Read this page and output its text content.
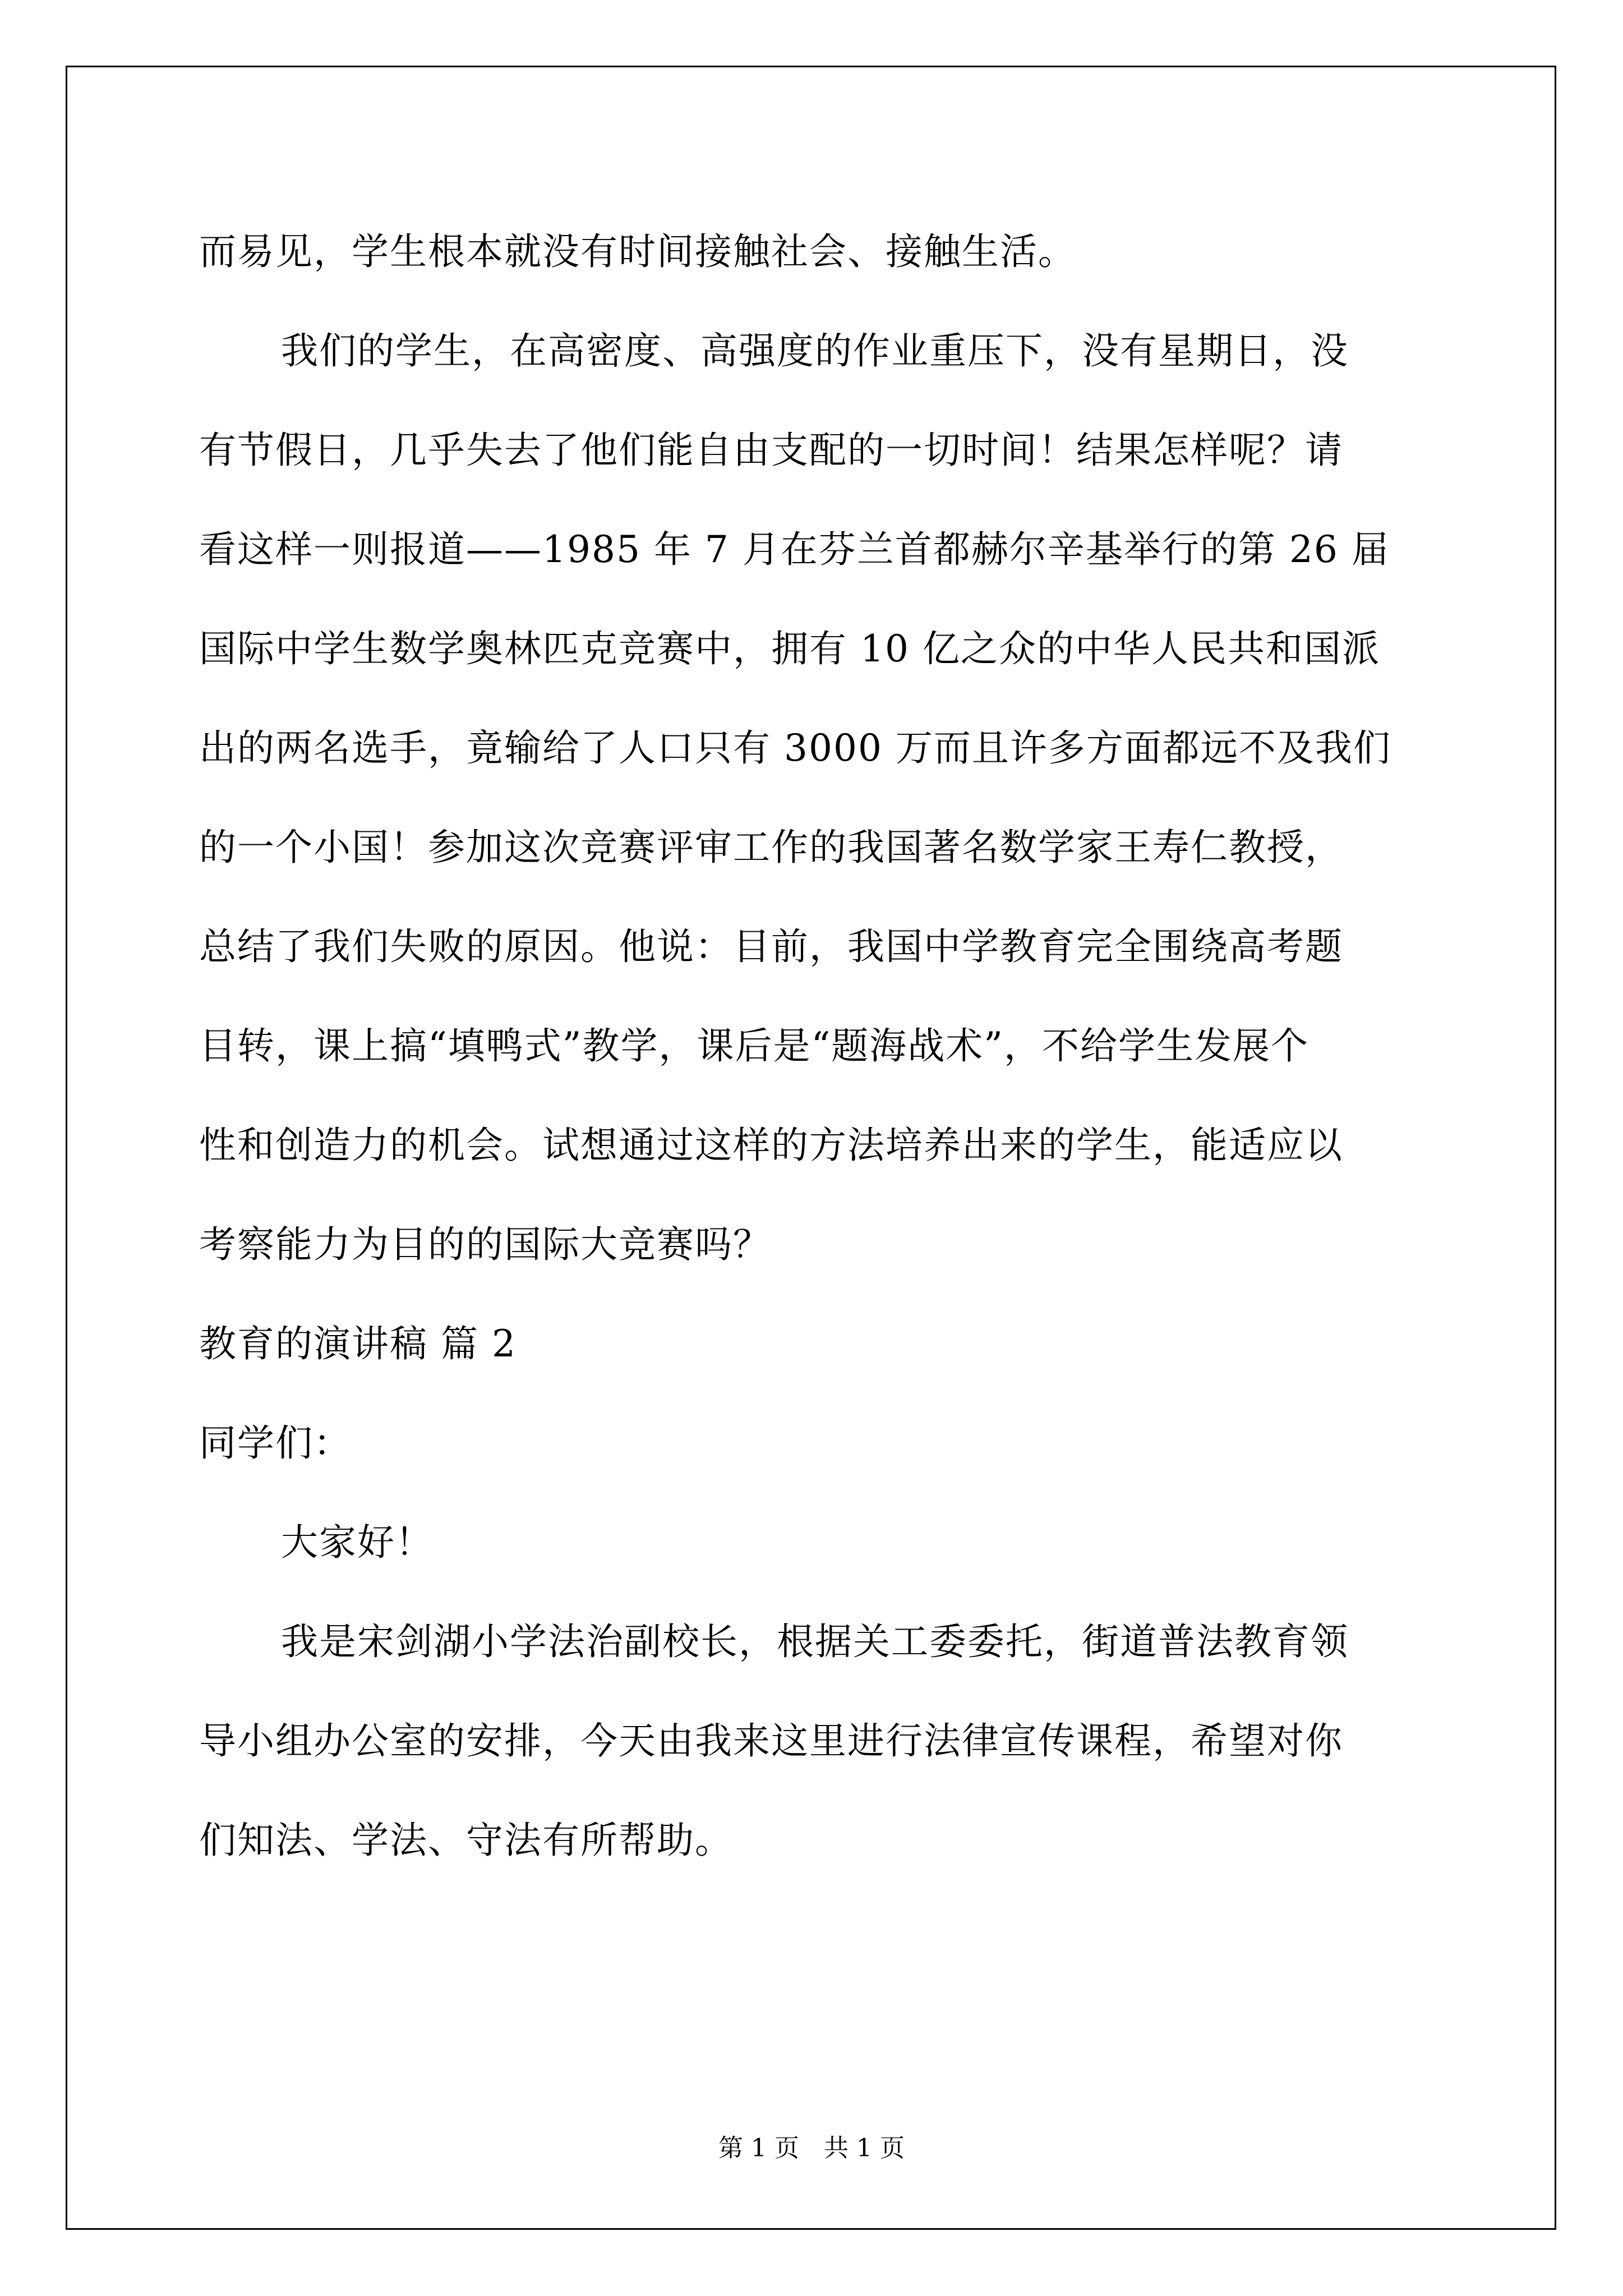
而易见，学生根本就没有时间接触社会、接触生活。
我们的学生，在高密度、高强度的作业重压下，没有星期日，没
有节假日，几乎失去了他们能自由支配的一切时间！结果怎样呢？请
看这样一则报道——1985 年 7 月在芬兰首都赫尔辛基举行的第 26 届
国际中学生数学奥林匹克竞赛中，拥有 10 亿之众的中华人民共和国派
出的两名选手，竟输给了人口只有 3000 万而且许多方面都远不及我们
的一个小国！参加这次竞赛评审工作的我国著名数学家王寿仁教授，
总结了我们失败的原因。他说：目前，我国中学教育完全围绕高考题
目转，课上搞“填鸭式”教学，课后是“题海战术”，不给学生发展个
性和创造力的机会。试想通过这样的方法培养出来的学生，能适应以
考察能力为目的的国际大竞赛吗？
教育的演讲稿 篇 2
同学们：
大家好！
我是宋剑湖小学法治副校长，根据关工委委托，街道普法教育领
导小组办公室的安排，今天由我来这里进行法律宣传课程，希望对你
们知法、学法、守法有所帮助。
第 1 页　共 1 页
